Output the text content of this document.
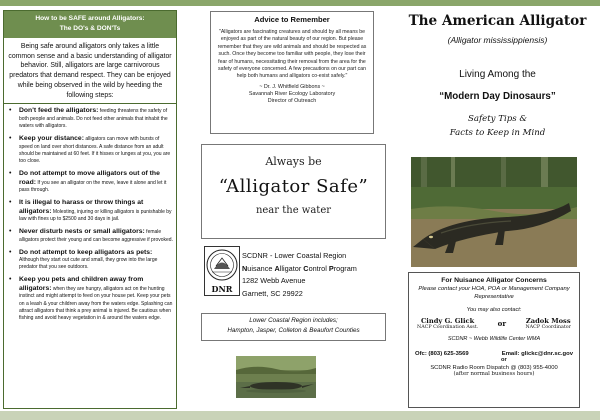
How to be SAFE around Alligators:
The DO's & DON'Ts
Being safe around alligators only takes a little common sense and a basic understanding of alligator behavior. Still, alligators are large carnivorous predators that demand respect. They can be enjoyed while being observed in the wild by heeding the following steps:
• Don't feed the alligators: feeding threatens the safety of both people and animals. Do not feed other animals that inhabit the waters with alligators.
• Keep your distance: alligators can move with bursts of speed on land over short distances. A safe distance from an adult should be maintained at 60 feet. If it hisses or lunges at you, you are too close.
• Do not attempt to move alligators out of the road: If you see an alligator on the move, leave it alone and let it pass through.
• It is illegal to harass or throw things at alligators: Molesting, injuring or killing alligators is punishable by law with fines up to $2500 and 30 days in jail.
• Never disturb nests or small alligators: female alligators protect their young and can become aggressive if provoked.
• Do not attempt to keep alligators as pets: Although they start out cute and small, they grow into the large predator that you see outdoors.
• Keep you pets and children away from alligators: when they are hungry, alligators act on the hunting instinct and might attempt to feed on your house pet. Keep your pets on a leash & your children away from the waters edge. Splashing can attract alligators that think a prey animal is injured. Be cautious when fishing and avoid heavy vegetation in & around the waters edge.
Advice to Remember
"Alligators are fascinating creatures and should by all means be enjoyed as part of the natural beauty of our region. But please remember that they are wild animals and should be respected as such. Once they become too familiar with people, they lose their fear of humans, necessitating their removal from the area for the safety of everyone concerned. A few precautions on our part can help both humans and alligators co-exist safely."
~ Dr. J. Whitfield Gibbons ~
Savannah River Ecology Laboratory
Director of Outreach
Always be
“Alligator Safe”
near the water
DNR
SCDNR - Lower Coastal Region
Nuisance Alligator Control Program
1282 Webb Avenue
Garnett, SC 29922
Lower Coastal Region includes;
Hampton, Jasper, Colleton & Beaufort Counties
The American Alligator
(Alligator mississippiensis)
Living Among the
“Modern Day Dinosaurs”
Safety Tips &
Facts to Keep in Mind
For Nuisance Alligator Concerns
Please contact your HOA, POA or Management Company Representative
You may also contact:
Cindy G. Glick
NACP Coordination Asst.	or	Zadok Moss
NACP Coordinator
SCDNR ~ Webb Wildlife Center WMA
Ofc: (803) 625-3569	Email: glickc@dnr.sc.gov
or
SCDNR Radio Room Dispatch @ (803) 955-4000
(after normal business hours)
